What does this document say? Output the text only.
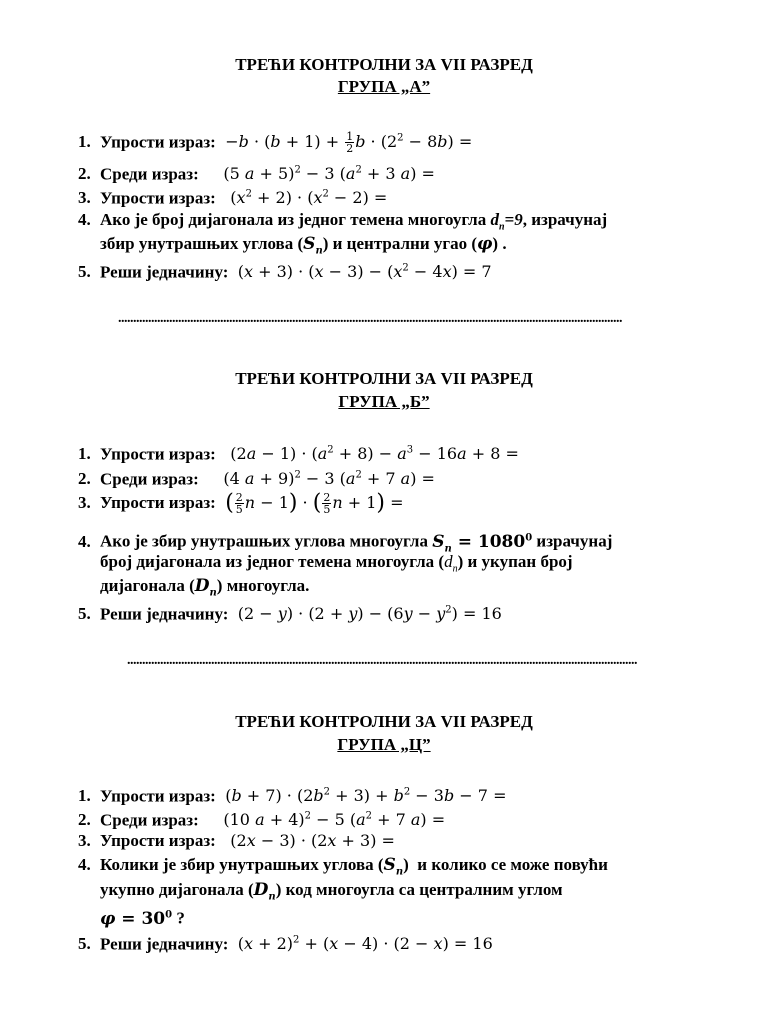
ТРЕЋИ КОНТРОЛНИ ЗА VII РАЗРЕД
ГРУПА „А”
1. Упрости израз:  $-b \cdot (b + 1) + \frac{1}{2}$ $b \cdot (2^2 - 8b)$ =
2. Среди израз:     (5 a + 5)$^2$ − 3 ($a^2 + 3$ a) =
3. Упрости израз:   $(x^2 + 2) \cdot (x^2 - 2)$ =
4. Ако је број дијагонала из једног темена многоугла $d_n=9$, израчунај
збир унутрашњих углова $(S_n)$ и централни угао (φ) .
5. Реши једначину:  $(x + 3) \cdot (x - 3) - (x^2 - 4x) = 7$
........................................................................................................................................................................
ТРЕЋИ КОНТРОЛНИ ЗА VII РАЗРЕД
ГРУПА „Б”
1. Упрости израз:   $(2a - 1) \cdot (a^2 + 8) - a^3 - 16a + 8$ =
2. Среди израз:     (4 a + 9)$^2$ − 3 ($a^2 + 7$ a) =
3. Упрости израз: ( $\frac{2}{5}$ n − 1) · ( $\frac{2}{5}$ n + 1) =
4. Ако је збир унутрашњих углова многоугла $S_n = 1080^0$ израчунај
број дијагонала из једног темена многоугла $(d_n)$ и укупан број
дијагонала $(D_n)$ многоугла.
5. Реши једначину:  $(2 - y) \cdot (2 + y) - (6y - y^2) = 16$
..........................................................................................................................................................................
ТРЕЋИ КОНТРОЛНИ ЗА VII РАЗРЕД
ГРУПА „Ц”
1. Упрости израз:  $(b + 7) \cdot (2b^2 + 3) + b^2 - 3b - 7$ =
2. Среди израз:     (10 a + 4)$^2$ − 5 ($a^2 + 7$ a) =
3. Упрости израз:   (2x − 3) · (2x + 3) =
4. Колики је збир унутрашњих углова $(S_n)$  и колико се може повући
укупно дијагонала $(D_n)$ код многоугла са централним углом
$\varphi = 30^0$ ?
5. Реши једначину:  $(x + 2)^2 + (x - 4) \cdot (2 - x) = 16$
